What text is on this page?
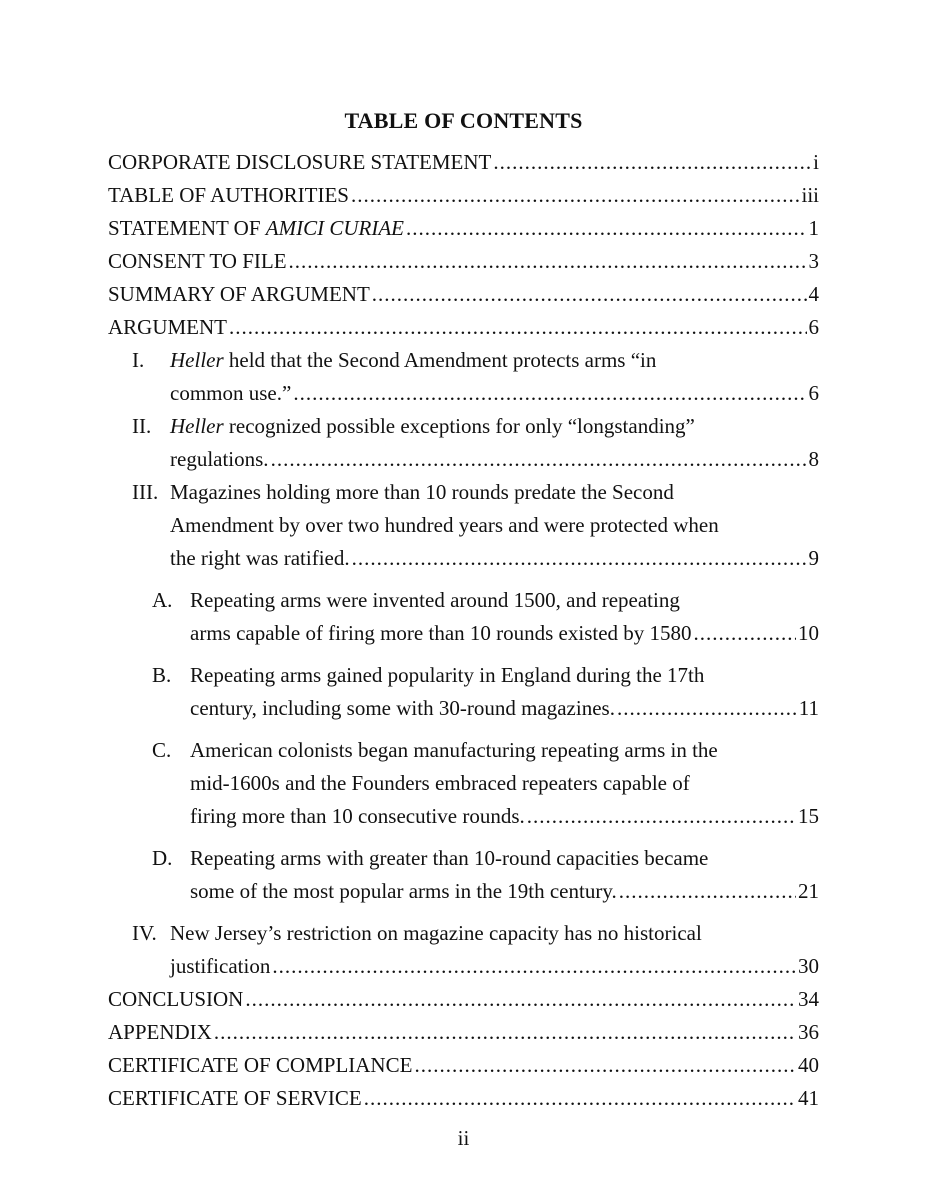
TABLE OF CONTENTS
CORPORATE DISCLOSURE STATEMENT .....	i
TABLE OF AUTHORITIES .....	iii
STATEMENT OF AMICI CURIAE .....	1
CONSENT TO FILE .....	3
SUMMARY OF ARGUMENT .....	4
ARGUMENT .....	6
I. Heller held that the Second Amendment protects arms “in
common use.” .....	6
II. Heller recognized possible exceptions for only “longstanding”
regulations. .....	8
III. Magazines holding more than 10 rounds predate the Second
Amendment by over two hundred years and were protected when
the right was ratified. .....	9
A. Repeating arms were invented around 1500, and repeating
arms capable of firing more than 10 rounds existed by 1580 .....	10
B. Repeating arms gained popularity in England during the 17th
century, including some with 30-round magazines. .....	11
C. American colonists began manufacturing repeating arms in the
mid-1600s and the Founders embraced repeaters capable of
firing more than 10 consecutive rounds. .....	15
D. Repeating arms with greater than 10-round capacities became
some of the most popular arms in the 19th century. .....	21
IV. New Jersey’s restriction on magazine capacity has no historical
justification .....	30
CONCLUSION .....	34
APPENDIX .....	36
CERTIFICATE OF COMPLIANCE .....	40
CERTIFICATE OF SERVICE .....	41
ii
